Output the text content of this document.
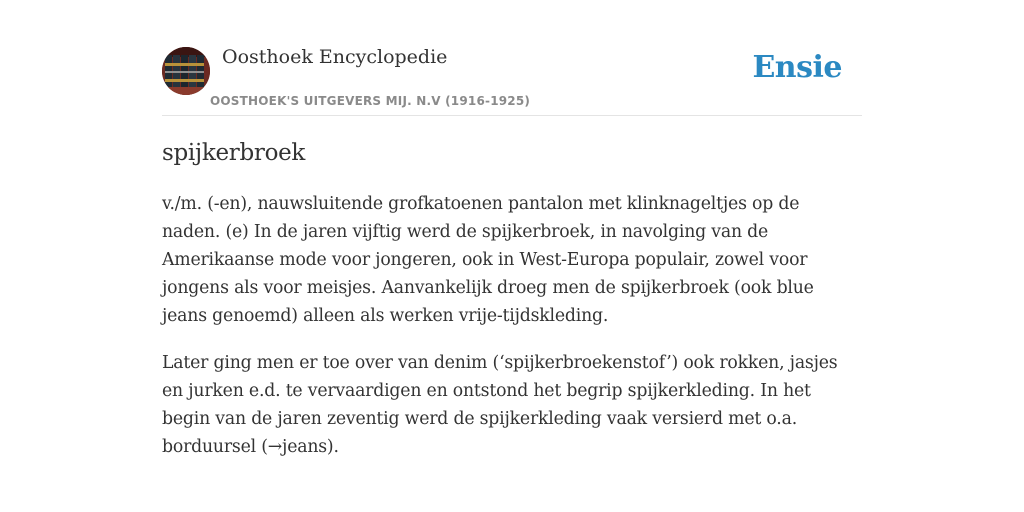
Oosthoek Encyclopedie
OOSTHOEK'S UITGEVERS MIJ. N.V (1916-1925)
Ensie
spijkerbroek

v./m. (-en), nauwsluitende grofkatoenen pantalon met klinknageltjes op de naden. (e) In de jaren vijftig werd de spijkerbroek, in navolging van de Amerikaanse mode voor jongeren, ook in West-Europa populair, zowel voor jongens als voor meisjes. Aanvankelijk droeg men de spijkerbroek (ook blue jeans genoemd) alleen als werken vrije-tijdskleding.

Later ging men er toe over van denim (‘spijkerbroekenstof’) ook rokken, jasjes en jurken e.d. te vervaardigen en ontstond het begrip spijkerkleding. In het begin van de jaren zeventig werd de spijkerkleding vaak versierd met o.a. borduursel (→jeans).
